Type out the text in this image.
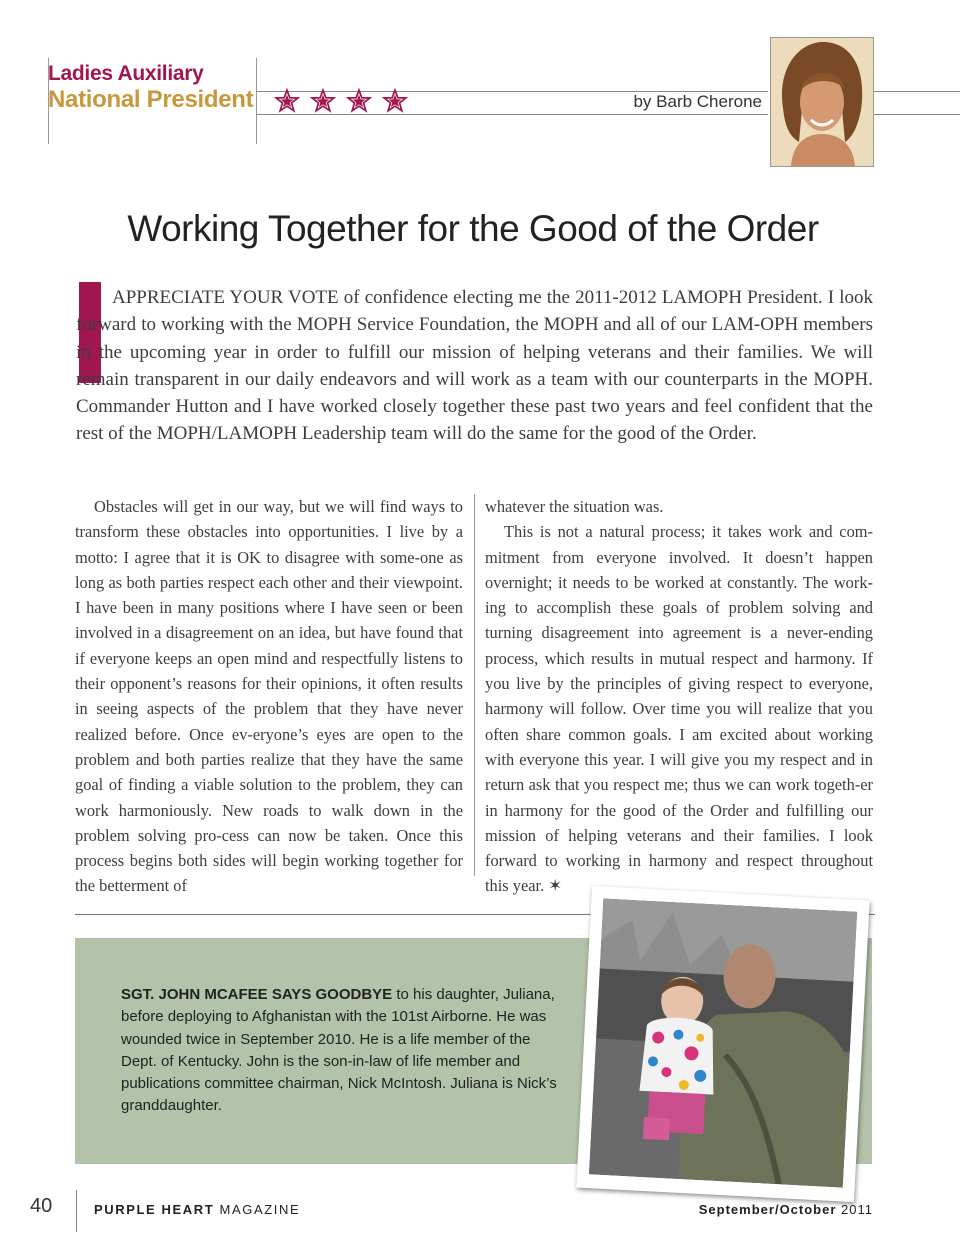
Ladies Auxiliary
National President	by Barb Cherone
Working Together for the Good of the Order

APPRECIATE YOUR VOTE of confidence electing me the 2011-2012 LAMOPH President. I look forward to working with the MOPH Service Foundation, the MOPH and all of our LAM-OPH members in the upcoming year in order to fulfill our mission of helping veterans and their families. We will remain transparent in our daily endeavors and will work as a team with our counterparts in the MOPH. Commander Hutton and I have worked closely together these past two years and feel confident that the rest of the MOPH/LAMOPH Leadership team will do the same for the good of the Order.

Obstacles will get in our way, but we will find ways to transform these obstacles into opportunities. I live by a motto: I agree that it is OK to disagree with some-one as long as both parties respect each other and their viewpoint. I have been in many positions where I have seen or been involved in a disagreement on an idea, but have found that if everyone keeps an open mind and respectfully listens to their opponent’s reasons for their opinions, it often results in seeing aspects of the problem that they have never realized before. Once ev-eryone’s eyes are open to the problem and both parties realize that they have the same goal of finding a viable solution to the problem, they can work harmoniously. New roads to walk down in the problem solving pro-cess can now be taken. Once this process begins both sides will begin working together for the betterment of

whatever the situation was.

This is not a natural process; it takes work and com-mitment from everyone involved. It doesn’t happen overnight; it needs to be worked at constantly. The work-ing to accomplish these goals of problem solving and turning disagreement into agreement is a never-ending process, which results in mutual respect and harmony. If you live by the principles of giving respect to everyone, harmony will follow. Over time you will realize that you often share common goals. I am excited about working with everyone this year. I will give you my respect and in return ask that you respect me; thus we can work togeth-er in harmony for the good of the Order and fulfilling our mission of helping veterans and their families. I look forward to working in harmony and respect throughout this year. ✶

SGT. JOHN MCAFEE SAYS GOODBYE to his daughter, Juliana, before deploying to Afghanistan with the 101st Airborne. He was wounded twice in September 2010. He is a life member of the Dept. of Kentucky. John is the son-in-law of life member and publications committee chairman, Nick McIntosh. Juliana is Nick’s granddaughter.
40	PURPLE HEART MAGAZINE	September/October 2011
